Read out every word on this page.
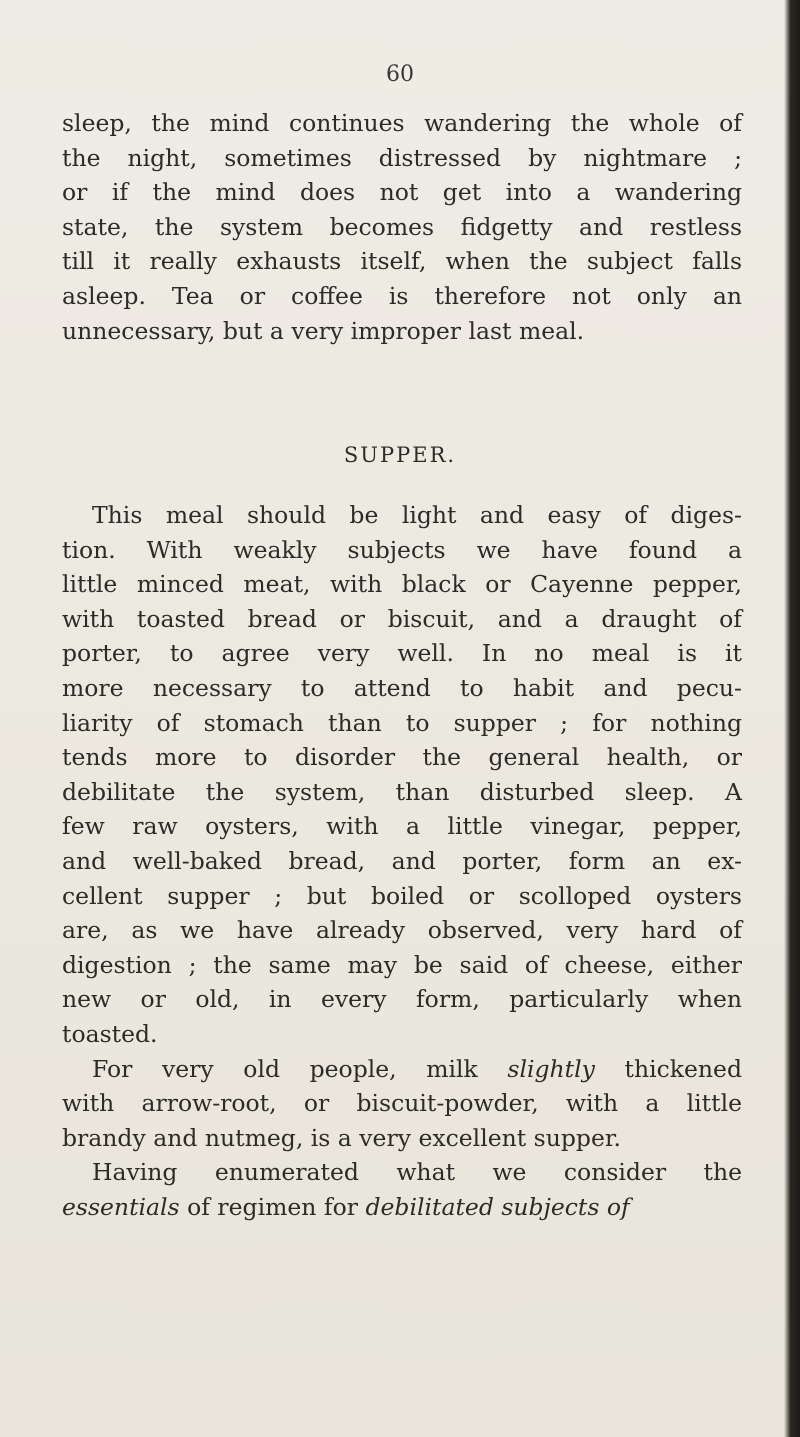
60
sleep, the mind continues wandering the whole of
the night, sometimes distressed by nightmare ;
or if the mind does not get into a wandering
state, the system becomes fidgetty and restless
till it really exhausts itself, when the subject falls
asleep. Tea or coffee is therefore not only an
unnecessary, but a very improper last meal.
SUPPER.
This meal should be light and easy of diges-
tion. With weakly subjects we have found a
little minced meat, with black or Cayenne pepper,
with toasted bread or biscuit, and a draught of
porter, to agree very well. In no meal is it
more necessary to attend to habit and pecu-
liarity of stomach than to supper ; for nothing
tends more to disorder the general health, or
debilitate the system, than disturbed sleep. A
few raw oysters, with a little vinegar, pepper,
and well-baked bread, and porter, form an ex-
cellent supper ; but boiled or scolloped oysters
are, as we have already observed, very hard of
digestion ; the same may be said of cheese, either
new or old, in every form, particularly when
toasted.
For very old people, milk slightly thickened
with arrow-root, or biscuit-powder, with a little
brandy and nutmeg, is a very excellent supper.
Having enumerated what we consider the
essentials of regimen for debilitated subjects of
